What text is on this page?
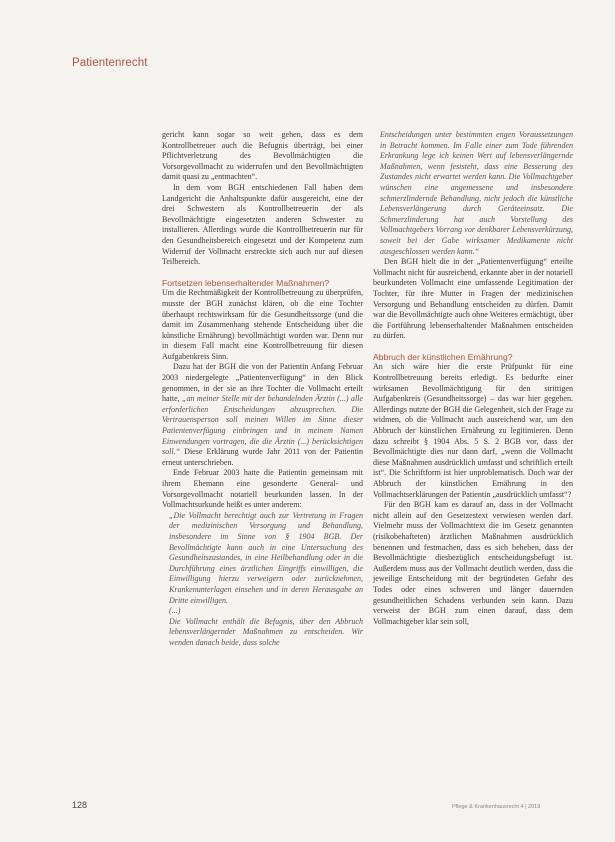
Patientenrecht

gericht kann sogar so weit gehen, dass es dem Kontrollbetreuer auch die Befugnis überträgt, bei einer Pflichtverletzung des Bevollmächtigten die Vorsorgevollmacht zu widerrufen und den Bevollmächtigten damit quasi zu „entmachten“.

In dem vom BGH entschiedenen Fall haben dem Landgericht die Anhaltspunkte dafür ausgereicht, eine der drei Schwestern als Kontrollbetreuerin der als Bevollmächtigte eingesetzten anderen Schwester zu installieren. Allerdings wurde die Kontrollbetreuerin nur für den Gesundheitsbereich eingesetzt und der Kompetenz zum Widerruf der Vollmacht erstreckte sich auch nur auf diesen Teilbereich.

Fortsetzen lebenserhaltender Maßnahmen?

Um die Rechtmäßigkeit der Kontrollbetreuung zu überprüfen, musste der BGH zunächst klären, ob die eine Tochter überhaupt rechtswirksam für die Gesundheitssorge (und die damit im Zusammenhang stehende Entscheidung über die künstliche Ernährung) bevollmächtigt worden war. Denn nur in diesem Fall macht eine Kontrollbetreuung für diesen Aufgabenkreis Sinn.

Dazu hat der BGH die von der Patientin Anfang Februar 2003 niedergelegte „Patientenverfügung“ in den Blick genommen, in der sie an ihre Tochter die Vollmacht erteilt hatte, „an meiner Stelle mit der behandelnden Ärztin (...) alle erforderlichen Entscheidungen abzusprechen. Die Vertrauensperson soll meinen Willen im Sinne dieser Patientenverfügung einbringen und in meinem Namen Einwendungen vortragen, die die Ärztin (...) berücksichtigen soll.“ Diese Erklärung wurde Jahr 2011 von der Patientin erneut unterschrieben.

Ende Februar 2003 hatte die Patientin gemeinsam mit ihrem Ehemann eine gesonderte General- und Vorsorgevollmacht notariell beurkunden lassen. In der Vollmachtsurkunde heißt es unter anderem:

„Die Vollmacht berechtigt auch zur Vertretung in Fragen der medizinischen Versorgung und Behandlung, insbesondere im Sinne von § 1904 BGB. Der Bevollmächtigte kann auch in eine Untersuchung des Gesundheitszustandes, in eine Heilbehandlung oder in die Durchführung eines ärztlichen Eingriffs einwilligen, die Einwilligung hierzu verweigern oder zurücknehmen, Krankenunterlagen einsehen und in deren Herausgabe an Dritte einwilligen.

(...)

Die Vollmacht enthält die Befugnis, über den Abbruch lebensverlängernder Maßnahmen zu entscheiden. Wir wenden danach beide, dass solche

Entscheidungen unter bestimmten engen Voraussetzungen in Betracht kommen. Im Falle einer zum Tode führenden Erkrankung lege ich keinen Wert auf lebensverlängernde Maßnahmen, wenn feststeht, dass eine Besserung des Zustandes nicht erwartet werden kann. Die Vollmachtgeber wünschen eine angemessene und insbesondere schmerzlindernde Behandlung, nicht jedoch die künstliche Lebensverlängerung durch Geräteeinsatz. Die Schmerzlinderung hat auch Vorstellung des Vollmachtgebers Vorrang vor denkbarer Lebensverkürzung, soweit bei der Gabe wirksamer Medikamente nicht ausgeschlossen werden kann.“

Den BGH hielt die in der „Patientenverfügung“ erteilte Vollmacht nicht für ausreichend, erkannte aber in der notariell beurkundeten Vollmacht eine umfassende Legitimation der Tochter, für ihre Mutter in Fragen der medizinischen Versorgung und Behandlung entscheiden zu dürfen. Damit war die Bevollmächtigte auch ohne Weiteres ermächtigt, über die Fortführung lebenserhaltender Maßnahmen entscheiden zu dürfen.

Abbruch der künstlichen Ernährung?

An sich wäre hier die erste Prüfpunkt für eine Kontrollbetreuung bereits erledigt. Es bedurfte einer wirksamen Bevollmächtigung für den strittigen Aufgabenkreis (Gesundheitssorge) – das war hier gegeben. Allerdings nutzte der BGH die Gelegenheit, sich der Frage zu widmen, ob die Vollmacht auch ausreichend war, um den Abbruch der künstlichen Ernährung zu legitimieren. Denn dazu schreibt § 1904 Abs. 5 S. 2 BGB vor, dass der Bevollmächtigte dies nur dann darf, „wenn die Vollmacht diese Maßnahmen ausdrücklich umfasst und schriftlich erteilt ist“. Die Schriftform ist hier unproblematisch. Doch war der Abbruch der künstlichen Ernährung in den Vollmachtserklärungen der Patientin „ausdrücklich umfasst“?

Für den BGH kam es darauf an, dass in der Vollmacht nicht allein auf den Gesetzestext verwiesen werden darf. Vielmehr muss der Vollmachttext die im Gesetz genannten (risikobehafteten) ärztlichen Maßnahmen ausdrücklich benennen und festmachen, dass es sich beheben, dass der Bevollmächtigte diesbezüglich entscheidungsbefugt ist. Außerdem muss aus der Vollmacht deutlich werden, dass die jeweilige Entscheidung mit der begründeten Gefahr des Todes oder eines schweren und länger dauernden gesundheitlichen Schadens verbunden sein kann. Dazu verweist der BGH zum einen darauf, dass dem Vollmachtgeber klar sein soll,

128	Pflege & Krankenhausrecht 4 | 2019
